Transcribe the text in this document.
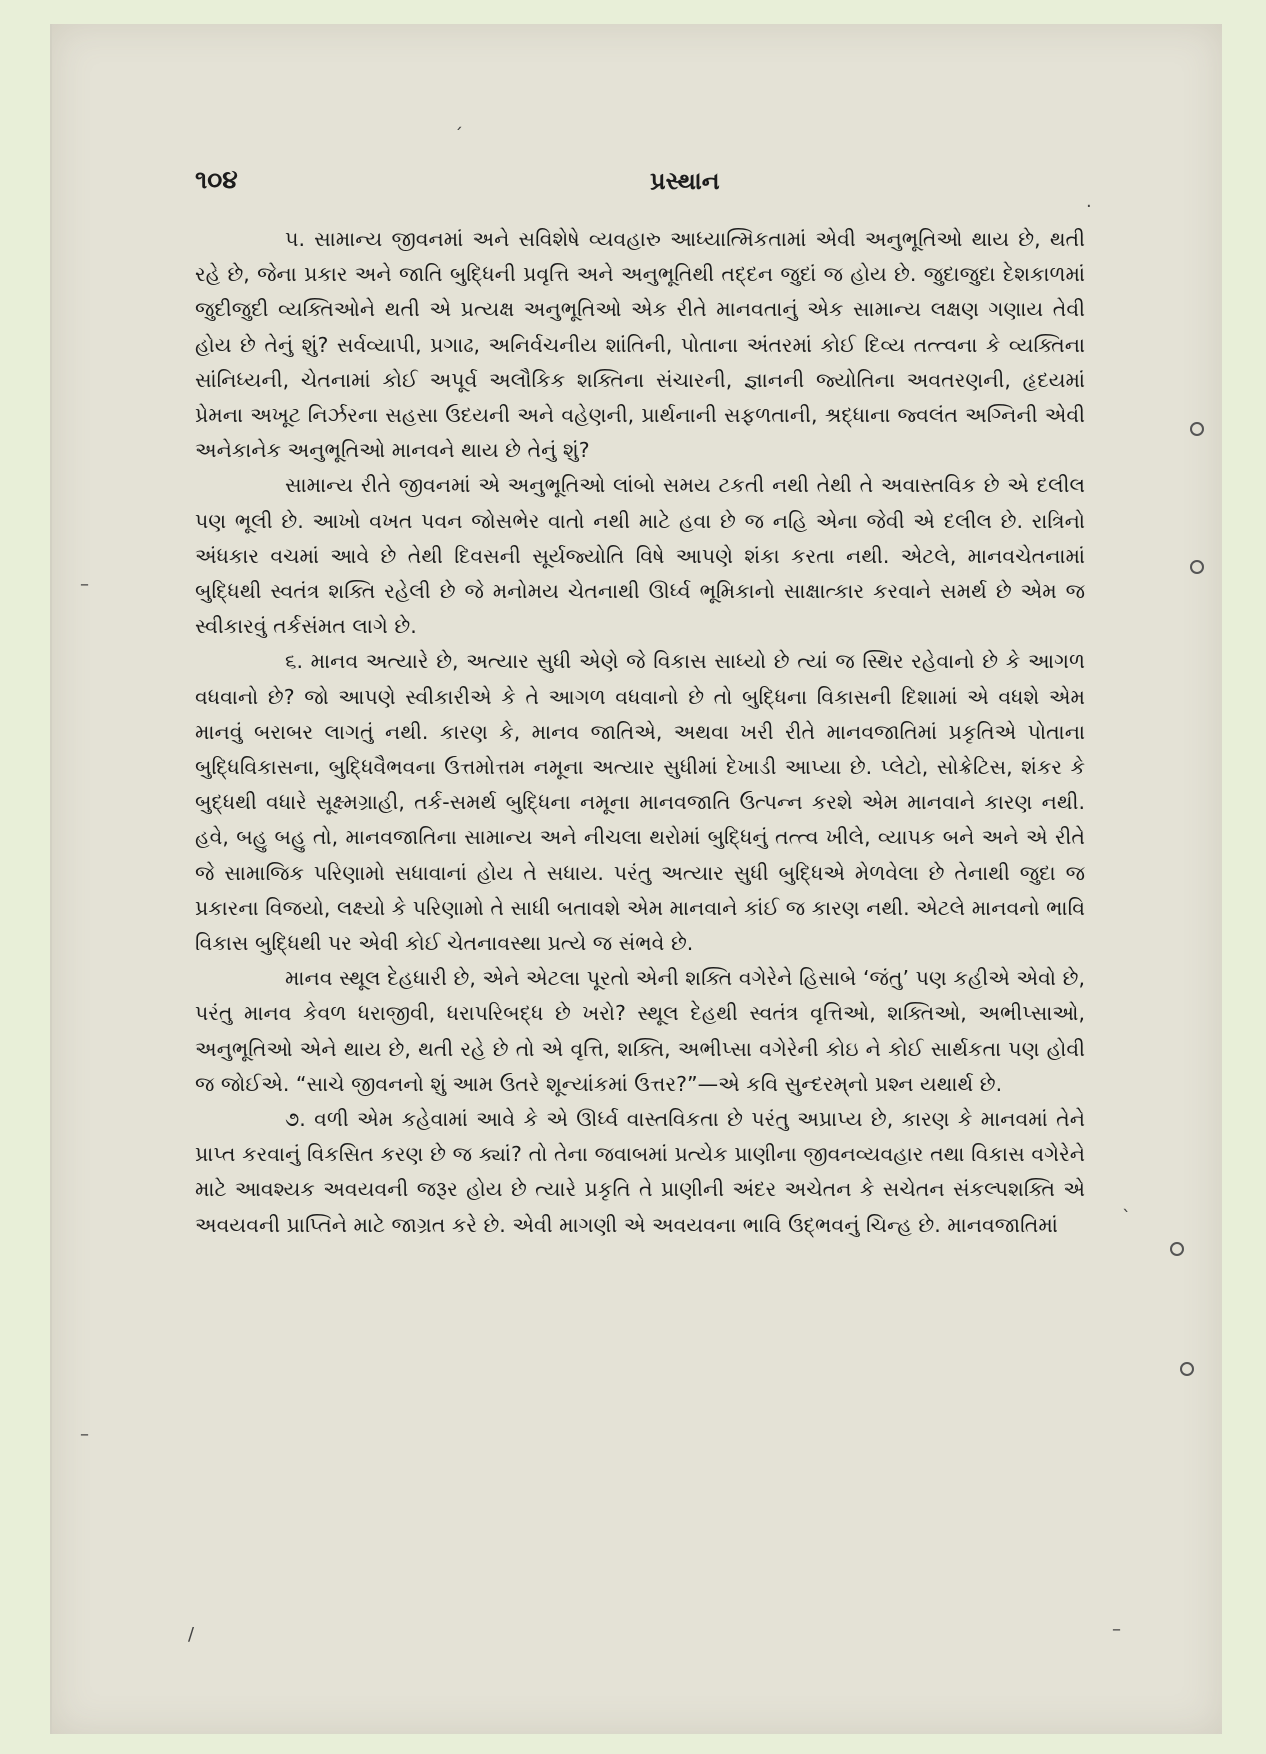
ˏ
·
–
–
/
ˎ
–
૧૦૪	પ્રસ્થાન

૫. સામાન્ય જીવનમાં અને સવિશેષે વ્યવહારુ આધ્યાત્મિકતામાં એવી અનુભૂતિઓ થાય છે, થતી રહે છે, જેના પ્રકાર અને જાતિ બુદ્ધિની પ્રવૃત્તિ અને અનુભૂતિથી તદ્દન જુદાં જ હોય છે. જુદાજુદા દેશકાળમાં જુદીજુદી વ્યક્તિઓને થતી એ પ્રત્યક્ષ અનુભૂતિઓ એક રીતે માનવતાનું એક સામાન્ય લક્ષણ ગણાય તેવી હોય છે તેનું શું? સર્વવ્યાપી, પ્રગાઢ, અનિર્વચનીય શાંતિની, પોતાના અંતરમાં કોઈ દિવ્ય તત્ત્વના કે વ્યક્તિના સાંનિધ્યની, ચેતનામાં કોઈ અપૂર્વ અલૌકિક શક્તિના સંચારની, જ્ઞાનની જ્યોતિના અવતરણની, હૃદયમાં પ્રેમના અખૂટ નિર્ઝરના સહસા ઉદયની અને વહેણની, પ્રાર્થનાની સફળતાની, શ્રદ્ધાના જ્વલંત અગ્નિની એવી અનેકાનેક અનુભૂતિઓ માનવને થાય છે તેનું શું?

સામાન્ય રીતે જીવનમાં એ અનુભૂતિઓ લાંબો સમય ટકતી નથી તેથી તે અવાસ્તવિક છે એ દલીલ પણ ભૂલી છે. આખો વખત પવન જોસભેર વાતો નથી માટે હવા છે જ નહિ એના જેવી એ દલીલ છે. રાત્રિનો અંધકાર વચમાં આવે છે તેથી દિવસની સૂર્યજ્યોતિ વિષે આપણે શંકા કરતા નથી. એટલે, માનવચેતનામાં બુદ્ધિથી સ્વતંત્ર શક્તિ રહેલી છે જે મનોમય ચેતનાથી ઊર્ધ્વ ભૂમિકાનો સાક્ષાત્કાર કરવાને સમર્થ છે એમ જ સ્વીકારવું તર્કસંમત લાગે છે.

૬. માનવ અત્યારે છે, અત્યાર સુધી એણે જે વિકાસ સાધ્યો છે ત્યાં જ સ્થિર રહેવાનો છે કે આગળ વધવાનો છે? જો આપણે સ્વીકારીએ કે તે આગળ વધવાનો છે તો બુદ્ધિના વિકાસની દિશામાં એ વધશે એમ માનવું બરાબર લાગતું નથી. કારણ કે, માનવ જાતિએ, અથવા ખરી રીતે માનવજાતિમાં પ્રકૃતિએ પોતાના બુદ્ધિવિકાસના, બુદ્ધિવૈભવના ઉત્તમોત્તમ નમૂના અત્યાર સુધીમાં દેખાડી આપ્યા છે. પ્લેટો, સોક્રેટિસ, શંકર કે બુદ્ધથી વધારે સૂક્ષ્મગ્રાહી, તર્ક-સમર્થ બુદ્ધિના નમૂના માનવજાતિ ઉત્પન્ન કરશે એમ માનવાને કારણ નથી. હવે, બહુ બહુ તો, માનવજાતિના સામાન્ય અને નીચલા થરોમાં બુદ્ધિનું તત્ત્વ ખીલે, વ્યાપક બને અને એ રીતે જે સામાજિક પરિણામો સધાવાનાં હોય તે સધાય. પરંતુ અત્યાર સુધી બુદ્ધિએ મેળવેલા છે તેનાથી જુદા જ પ્રકારના વિજયો, લક્ષ્યો કે પરિણામો તે સાધી બતાવશે એમ માનવાને કાંઈ જ કારણ નથી. એટલે માનવનો ભાવિ વિકાસ બુદ્ધિથી પર એવી કોઈ ચેતનાવસ્થા પ્રત્યે જ સંભવે છે.

માનવ સ્થૂલ દેહધારી છે, એને એટલા પૂરતો એની શક્તિ વગેરેને હિસાબે ‘જંતુ’ પણ કહીએ એવો છે, પરંતુ માનવ કેવળ ધરાજીવી, ધરાપરિબદ્ધ છે ખરો? સ્થૂલ દેહથી સ્વતંત્ર વૃત્તિઓ, શક્તિઓ, અભીપ્સાઓ, અનુભૂતિઓ એને થાય છે, થતી રહે છે તો એ વૃત્તિ, શક્તિ, અભીપ્સા વગેરેની કોઇ ને કોઈ સાર્થકતા પણ હોવી જ જોઈએ. “સાચે જીવનનો શું આમ ઉતરે શૂન્યાંકમાં ઉત્તર?”—એ કવિ સુન્દરમ્‌નો પ્રશ્ન યથાર્થ છે.

૭. વળી એમ કહેવામાં આવે કે એ ઊર્ધ્વ વાસ્તવિકતા છે પરંતુ અપ્રાપ્ય છે, કારણ કે માનવમાં તેને પ્રાપ્ત કરવાનું વિકસિત કરણ છે જ ક્યાં? તો તેના જવાબમાં પ્રત્યેક પ્રાણીના જીવનવ્યવહાર તથા વિકાસ વગેરેને માટે આવશ્યક અવયવની જરૂર હોય છે ત્યારે પ્રકૃતિ તે પ્રાણીની અંદર અચેતન કે સચેતન સંકલ્પશક્તિ એ અવયવની પ્રાપ્તિને માટે જાગ્રત કરે છે. એવી માગણી એ અવયવના ભાવિ ઉદ્ભવનું ચિન્હ છે. માનવજાતિમાં
